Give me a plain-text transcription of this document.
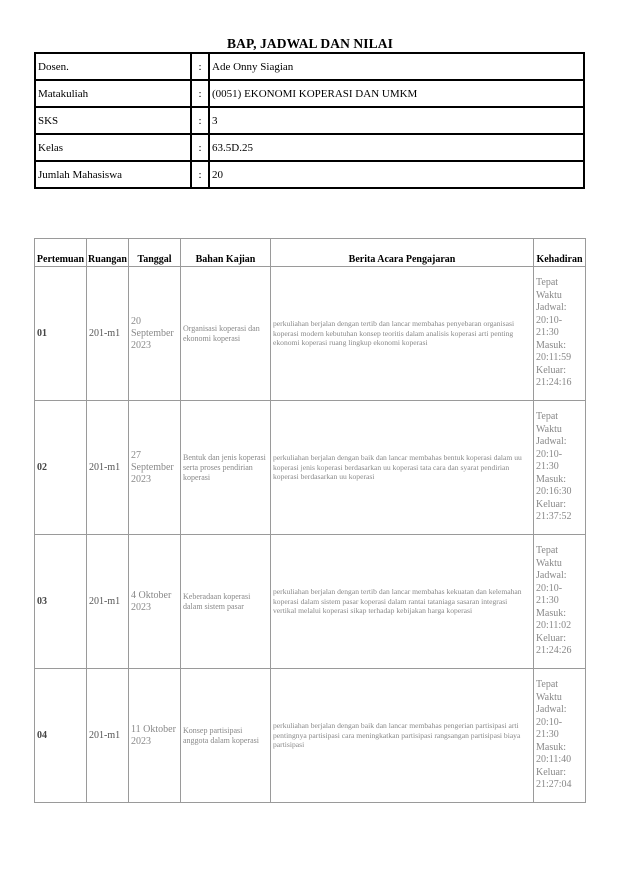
BAP, JADWAL DAN NILAI
Dosen.	:	Ade Onny Siagian
Matakuliah	:	(0051) EKONOMI KOPERASI DAN UMKM
SKS	:	3
Kelas	:	63.5D.25
Jumlah Mahasiswa	:	20
Pertemuan	Ruangan	Tanggal	Bahan Kajian	Berita Acara Pengajaran	Kehadiran
01	201-m1	20 September 2023	Organisasi koperasi dan ekonomi koperasi	perkuliahan berjalan dengan tertib dan lancar membahas penyebaran organisasi koperasi modern kebutuhan konsep teoritis dalam analisis koperasi arti penting ekonomi koperasi ruang lingkup ekonomi koperasi	Tepat Waktu Jadwal: 20:10-21:30 Masuk: 20:11:59 Keluar: 21:24:16
02	201-m1	27 September 2023	Bentuk dan jenis koperasi serta proses pendirian koperasi	perkuliahan berjalan dengan baik dan lancar membahas bentuk koperasi dalam uu koperasi jenis koperasi berdasarkan uu koperasi tata cara dan syarat pendirian koperasi berdasarkan uu koperasi	Tepat Waktu Jadwal: 20:10-21:30 Masuk: 20:16:30 Keluar: 21:37:52
03	201-m1	4 Oktober 2023	Keberadaan koperasi dalam sistem pasar	perkuliahan berjalan dengan tertib dan lancar membahas kekuatan dan kelemahan koperasi dalam sistem pasar koperasi dalam rantai tataniaga sasaran integrasi vertikal melalui koperasi sikap terhadap kebijakan harga koperasi	Tepat Waktu Jadwal: 20:10-21:30 Masuk: 20:11:02 Keluar: 21:24:26
04	201-m1	11 Oktober 2023	Konsep partisipasi anggota dalam koperasi	perkuliahan berjalan dengan baik dan lancar membahas pengerian partisipasi arti pentingnya partisipasi cara meningkatkan partisipasi rangsangan partisipasi biaya partisipasi	Tepat Waktu Jadwal: 20:10-21:30 Masuk: 20:11:40 Keluar: 21:27:04
